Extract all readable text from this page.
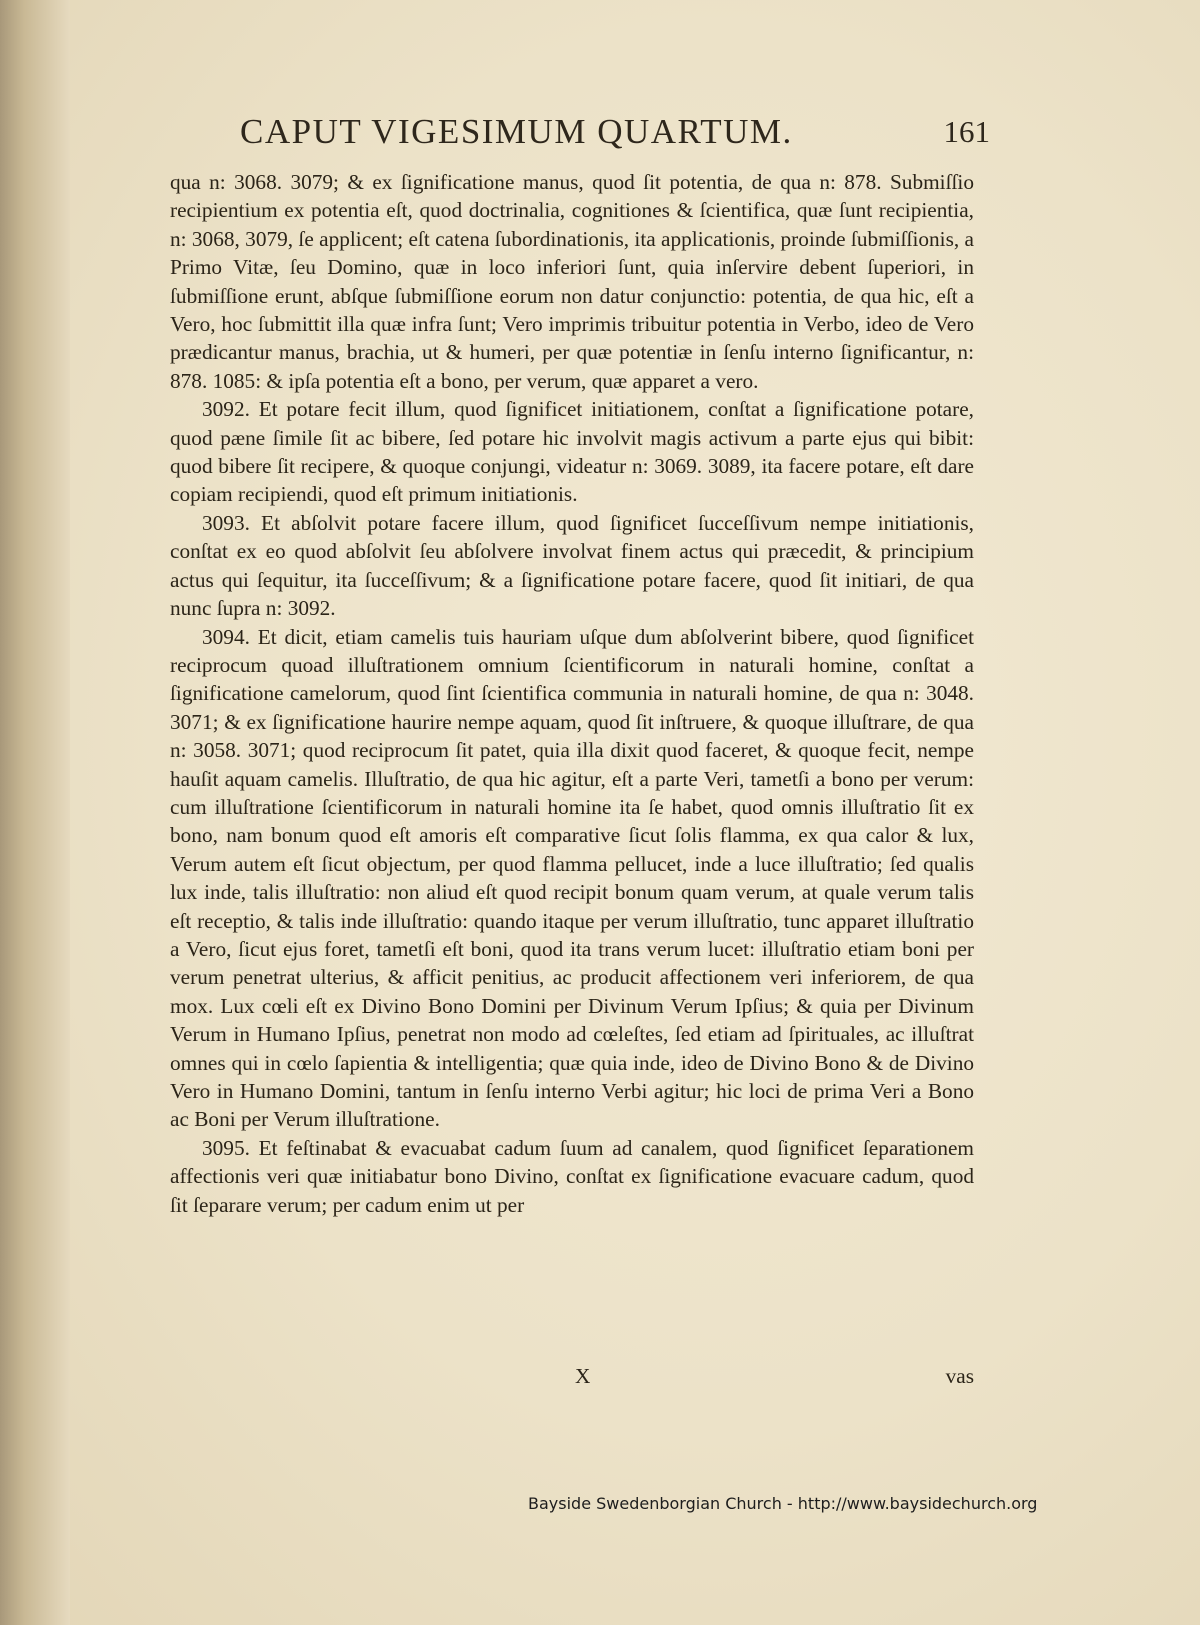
CAPUT VIGESIMUM QUARTUM.	161

qua n: 3068. 3079; & ex ſignificatione manus, quod ſit potentia, de qua n: 878. Submiſſio recipientium ex potentia eſt, quod doctrinalia, cognitiones & ſcientifica, quæ ſunt recipientia, n: 3068, 3079, ſe applicent; eſt catena ſubordinationis, ita applicationis, proinde ſubmiſſionis, a Primo Vitæ, ſeu Domino, quæ in loco inferiori ſunt, quia inſervire debent ſuperiori, in ſubmiſſione erunt, abſque ſubmiſſione eorum non datur conjunctio: potentia, de qua hic, eſt a Vero, hoc ſubmittit illa quæ infra ſunt; Vero imprimis tribuitur potentia in Verbo, ideo de Vero prædicantur manus, brachia, ut & humeri, per quæ potentiæ in ſenſu interno ſignificantur, n: 878. 1085: & ipſa potentia eſt a bono, per verum, quæ apparet a vero.

3092. Et potare fecit illum, quod ſignificet initiationem, conſtat a ſignificatione potare, quod pæne ſimile ſit ac bibere, ſed potare hic involvit magis activum a parte ejus qui bibit: quod bibere ſit recipere, & quoque conjungi, videatur n: 3069. 3089, ita facere potare, eſt dare copiam recipiendi, quod eſt primum initiationis.

3093. Et abſolvit potare facere illum, quod ſignificet ſucceſſivum nempe initiationis, conſtat ex eo quod abſolvit ſeu abſolvere involvat finem actus qui præcedit, & principium actus qui ſequitur, ita ſucceſſivum; & a ſignificatione potare facere, quod ſit initiari, de qua nunc ſupra n: 3092.

3094. Et dicit, etiam camelis tuis hauriam uſque dum abſolverint bibere, quod ſignificet reciprocum quoad illuſtrationem omnium ſcientificorum in naturali homine, conſtat a ſignificatione camelorum, quod ſint ſcientifica communia in naturali homine, de qua n: 3048. 3071; & ex ſignificatione haurire nempe aquam, quod ſit inſtruere, & quoque illuſtrare, de qua n: 3058. 3071; quod reciprocum ſit patet, quia illa dixit quod faceret, & quoque fecit, nempe hauſit aquam camelis. Illuſtratio, de qua hic agitur, eſt a parte Veri, tametſi a bono per verum: cum illuſtratione ſcientificorum in naturali homine ita ſe habet, quod omnis illuſtratio ſit ex bono, nam bonum quod eſt amoris eſt comparative ſicut ſolis flamma, ex qua calor & lux, Verum autem eſt ſicut objectum, per quod flamma pellucet, inde a luce illuſtratio; ſed qualis lux inde, talis illuſtratio: non aliud eſt quod recipit bonum quam verum, at quale verum talis eſt receptio, & talis inde illuſtratio: quando itaque per verum illuſtratio, tunc apparet illuſtratio a Vero, ſicut ejus foret, tametſi eſt boni, quod ita trans verum lucet: illuſtratio etiam boni per verum penetrat ulterius, & afficit penitius, ac producit affectionem veri inferiorem, de qua mox. Lux cœli eſt ex Divino Bono Domini per Divinum Verum Ipſius; & quia per Divinum Verum in Humano Ipſius, penetrat non modo ad cœleſtes, ſed etiam ad ſpirituales, ac illuſtrat omnes qui in cœlo ſapientia & intelligentia; quæ quia inde, ideo de Divino Bono & de Divino Vero in Humano Domini, tantum in ſenſu interno Verbi agitur; hic loci de prima Veri a Bono ac Boni per Verum illuſtratione.

3095. Et feſtinabat & evacuabat cadum ſuum ad canalem, quod ſignificet ſeparationem affectionis veri quæ initiabatur bono Divino, conſtat ex ſignificatione evacuare cadum, quod ſit ſeparare verum; per cadum enim ut per

X	vas
Bayside Swedenborgian Church - http://www.baysidechurch.org
